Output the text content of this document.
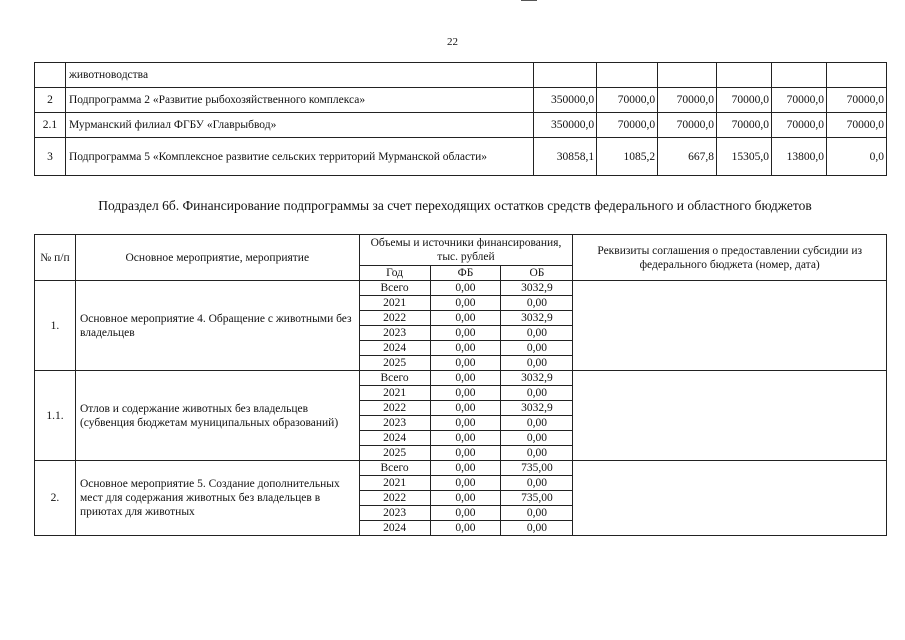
22
	животноводства						
2	Подпрограмма 2 «Развитие рыбохозяйственного комплекса»	350000,0	70000,0	70000,0	70000,0	70000,0	70000,0
2.1	Мурманский филиал ФГБУ «Главрыбвод»	350000,0	70000,0	70000,0	70000,0	70000,0	70000,0
3	Подпрограмма 5 «Комплексное развитие сельских территорий Мурманской области»	30858,1	1085,2	667,8	15305,0	13800,0	0,0
Подраздел 6б. Финансирование подпрограммы за счет переходящих остатков средств федерального и областного бюджетов
№ п/п	Основное мероприятие, мероприятие	Объемы и источники финансирования, тыс. рублей			Реквизиты соглашения о предоставлении субсидии из федерального бюджета (номер, дата)
		Год	ФБ	ОБ	
1.	Основное мероприятие 4. Обращение с животными без владельцев	Всего	0,00	3032,9	
		2021	0,00	0,00	
		2022	0,00	3032,9	
		2023	0,00	0,00	
		2024	0,00	0,00	
		2025	0,00	0,00	
1.1.	Отлов и содержание животных без владельцев (субвенция бюджетам муниципальных образований)	Всего	0,00	3032,9	
		2021	0,00	0,00	
		2022	0,00	3032,9	
		2023	0,00	0,00	
		2024	0,00	0,00	
		2025	0,00	0,00	
2.	Основное мероприятие 5. Создание дополнительных мест для содержания животных без владельцев в приютах для животных	Всего	0,00	735,00	
		2021	0,00	0,00	
		2022	0,00	735,00	
		2023	0,00	0,00	
		2024	0,00	0,00	
